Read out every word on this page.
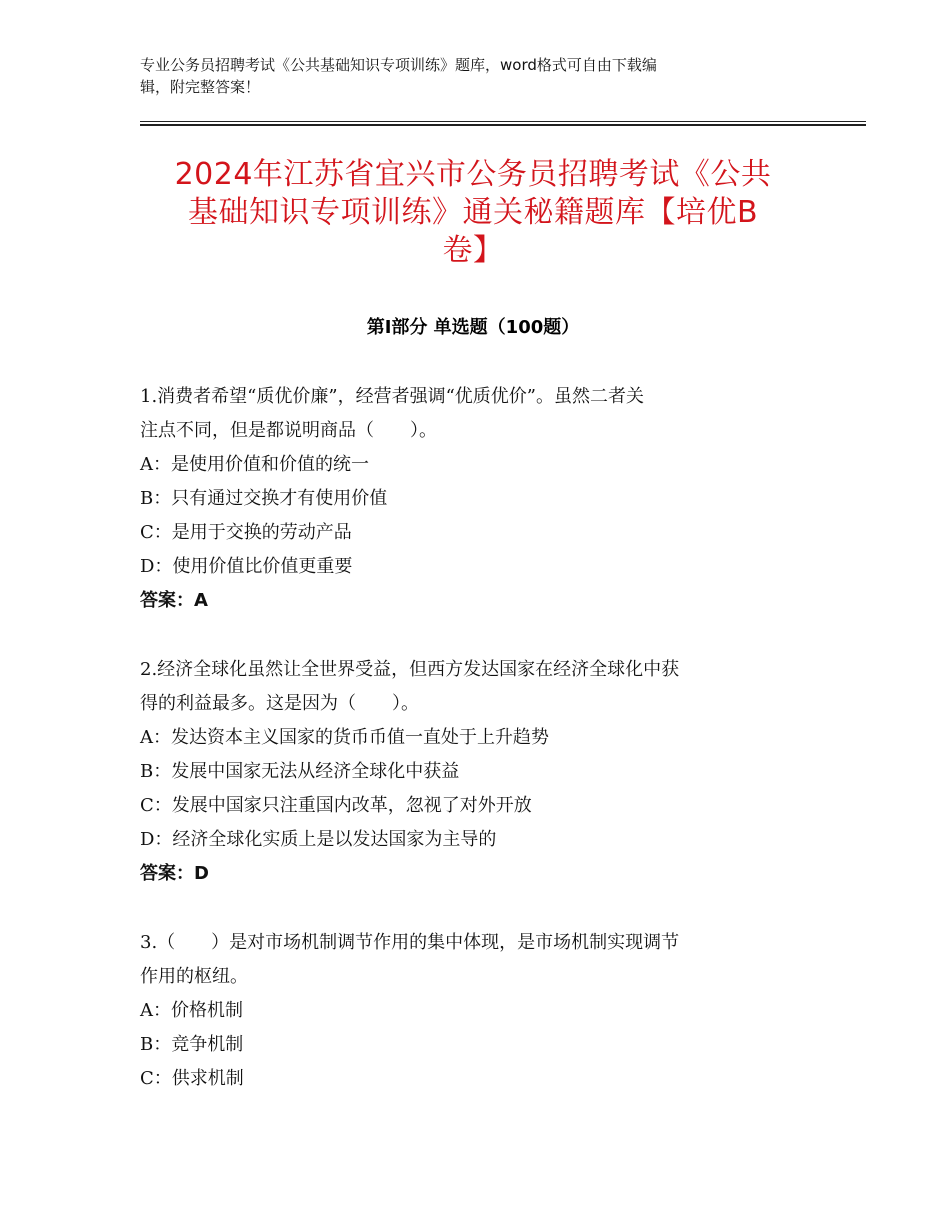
专业公务员招聘考试《公共基础知识专项训练》题库，word格式可自由下载编
辑，附完整答案！
2024年江苏省宜兴市公务员招聘考试《公共
基础知识专项训练》通关秘籍题库【培优B
卷】
第Ⅰ部分 单选题（100题）

1.消费者希望“质优价廉”，经营者强调“优质优价”。虽然二者关
注点不同，但是都说明商品（　　）。

A：是使用价值和价值的统一

B：只有通过交换才有使用价值

C：是用于交换的劳动产品

D：使用价值比价值更重要

答案：A

2.经济全球化虽然让全世界受益，但西方发达国家在经济全球化中获
得的利益最多。这是因为（　　）。

A：发达资本主义国家的货币币值一直处于上升趋势

B：发展中国家无法从经济全球化中获益

C：发展中国家只注重国内改革，忽视了对外开放

D：经济全球化实质上是以发达国家为主导的

答案：D

3.（　　）是对市场机制调节作用的集中体现，是市场机制实现调节
作用的枢纽。

A：价格机制

B：竞争机制

C：供求机制
